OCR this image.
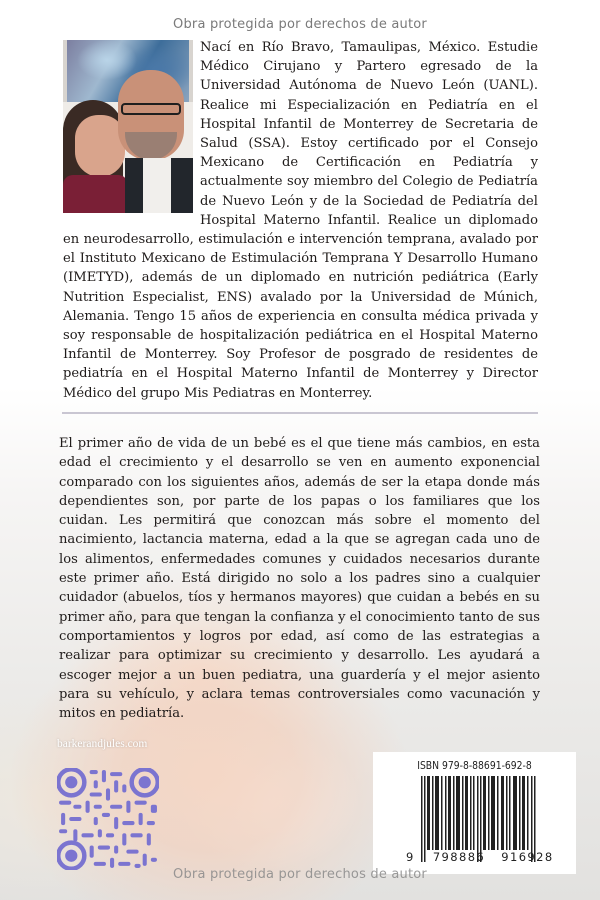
Obra protegida por derechos de autor
Nací en Río Bravo, Tamaulipas, México. Estudie Médico Cirujano y Partero egresado de la Universidad Autónoma de Nuevo León (UANL). Realice mi Especialización en Pediatría en el Hospital Infantil de Monterrey de Secretaria de Salud (SSA). Estoy certificado por el Consejo Mexicano de Certificación en Pediatría y actualmente soy miembro del Colegio de Pediatría de Nuevo León y de la Sociedad de Pediatría del Hospital Materno Infantil. Realice un diplomado en neurodesarrollo, estimulación e intervención temprana, avalado por el Instituto Mexicano de Estimulación Temprana Y Desarrollo Humano (IMETYD), además de un diplomado en nutrición pediátrica (Early Nutrition Especialist, ENS) avalado por la Universidad de Múnich, Alemania. Tengo 15 años de experiencia en consulta médica privada y soy responsable de hospitalización pediátrica en el Hospital Materno Infantil de Monterrey. Soy Profesor de posgrado de residentes de pediatría en el Hospital Materno Infantil de Monterrey y Director Médico del grupo Mis Pediatras en Monterrey.
El primer año de vida de un bebé es el que tiene más cambios, en esta edad el crecimiento y el desarrollo se ven en aumento exponencial comparado con los siguientes años, además de ser la etapa donde más dependientes son, por parte de los papas o los familiares que los cuidan. Les permitirá que conozcan más sobre el momento del nacimiento, lactancia materna, edad a la que se agregan cada uno de los alimentos, enfermedades comunes y cuidados necesarios durante este primer año. Está dirigido no solo a los padres sino a cualquier cuidador (abuelos, tíos y hermanos mayores) que cuidan a bebés en su primer año, para que tengan la confianza y el conocimiento tanto de sus comportamientos y logros por edad, así como de las estrategias a realizar para optimizar su crecimiento y desarrollo. Les ayudará a escoger mejor a un buen pediatra, una guardería y el mejor asiento para su vehículo, y aclara temas controversiales como vacunación y mitos en pediatría.
barkerandjules.com
ISBN 979-8-88691-692-8
9 798886 916928
Obra protegida por derechos de autor
